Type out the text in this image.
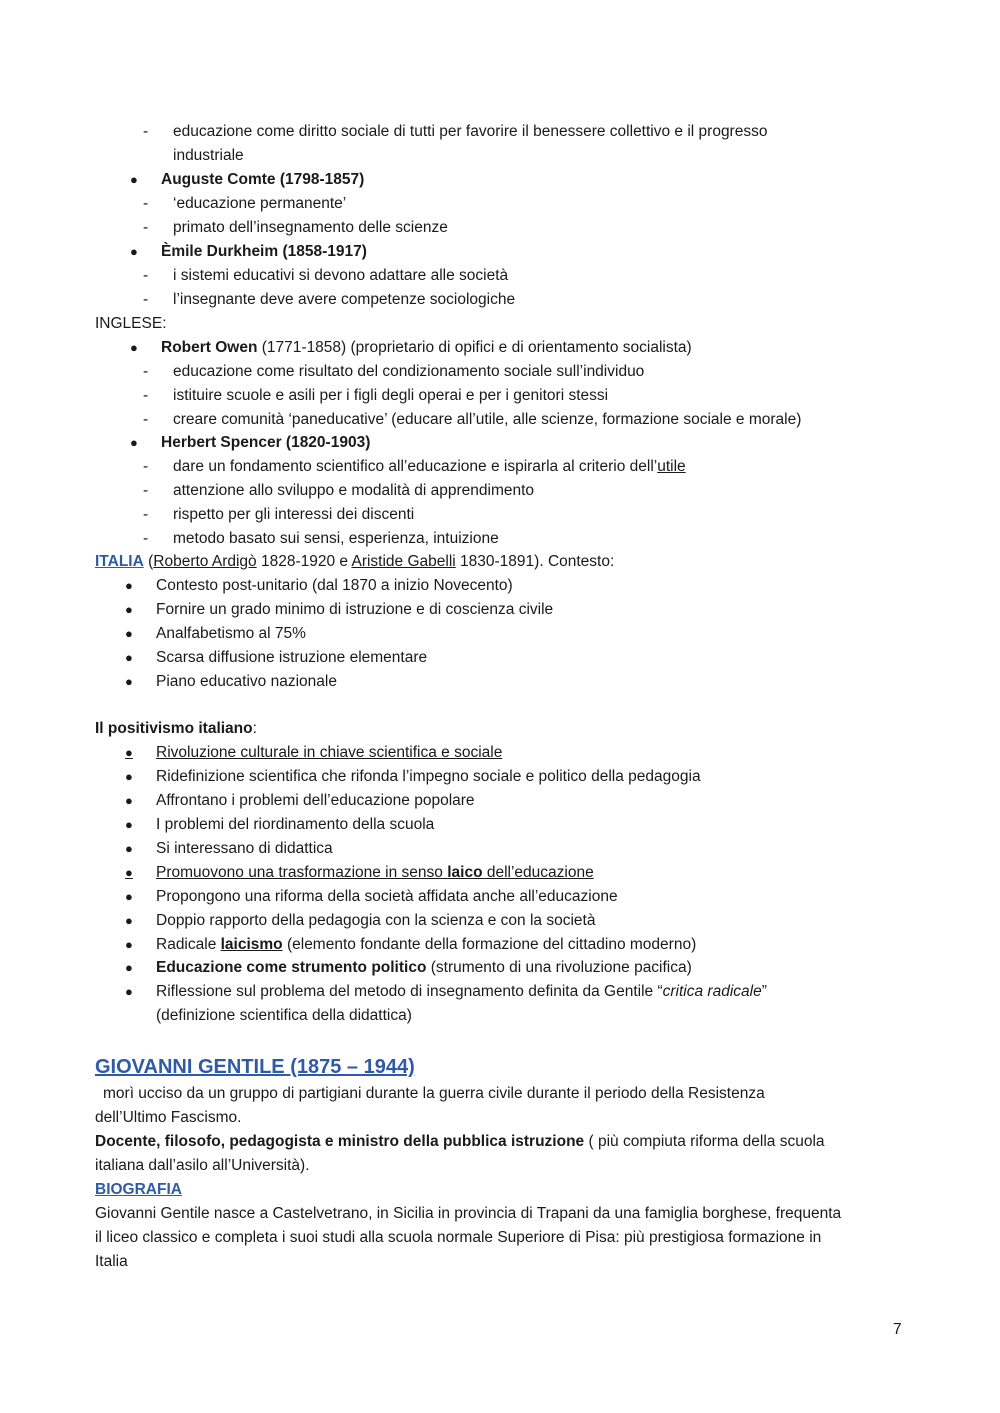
- educazione come diritto sociale di tutti per favorire il benessere collettivo e il progresso
industriale
● Auguste Comte (1798-1857)
- ‘educazione permanente’
- primato dell’insegnamento delle scienze
● Èmile Durkheim (1858-1917)
- i sistemi educativi si devono adattare alle società
- l’insegnante deve avere competenze sociologiche
INGLESE:
● Robert Owen (1771-1858) (proprietario di opifici e di orientamento socialista)
- educazione come risultato del condizionamento sociale sull’individuo
- istituire scuole e asili per i figli degli operai e per i genitori stessi
- creare comunità ‘paneducative’ (educare all’utile, alle scienze, formazione sociale e morale)
● Herbert Spencer (1820-1903)
- dare un fondamento scientifico all’educazione e ispirarla al criterio dell’utile
- attenzione allo sviluppo e modalità di apprendimento
- rispetto per gli interessi dei discenti
- metodo basato sui sensi, esperienza, intuizione
ITALIA (Roberto Ardigò 1828-1920 e Aristide Gabelli 1830-1891). Contesto:
● Contesto post-unitario (dal 1870 a inizio Novecento)
● Fornire un grado minimo di istruzione e di coscienza civile
● Analfabetismo al 75%
● Scarsa diffusione istruzione elementare
● Piano educativo nazionale
Il positivismo italiano:
● Rivoluzione culturale in chiave scientifica e sociale
● Ridefinizione scientifica che rifonda l’impegno sociale e politico della pedagogia
● Affrontano i problemi dell’educazione popolare
● I problemi del riordinamento della scuola
● Si interessano di didattica
● Promuovono una trasformazione in senso laico dell’educazione
● Propongono una riforma della società affidata anche all’educazione
● Doppio rapporto della pedagogia con la scienza e con la società
● Radicale laicismo (elemento fondante della formazione del cittadino moderno)
● Educazione come strumento politico (strumento di una rivoluzione pacifica)
● Riflessione sul problema del metodo di insegnamento definita da Gentile “critica radicale”
(definizione scientifica della didattica)
GIOVANNI GENTILE (1875 – 1944)
morì ucciso da un gruppo di partigiani durante la guerra civile durante il periodo della Resistenza
dell’Ultimo Fascismo.
Docente, filosofo, pedagogista e ministro della pubblica istruzione ( più compiuta riforma della scuola
italiana dall’asilo all’Università).
BIOGRAFIA
Giovanni Gentile nasce a Castelvetrano, in Sicilia in provincia di Trapani da una famiglia borghese, frequenta
il liceo classico e completa i suoi studi alla scuola normale Superiore di Pisa: più prestigiosa formazione in
Italia
7
